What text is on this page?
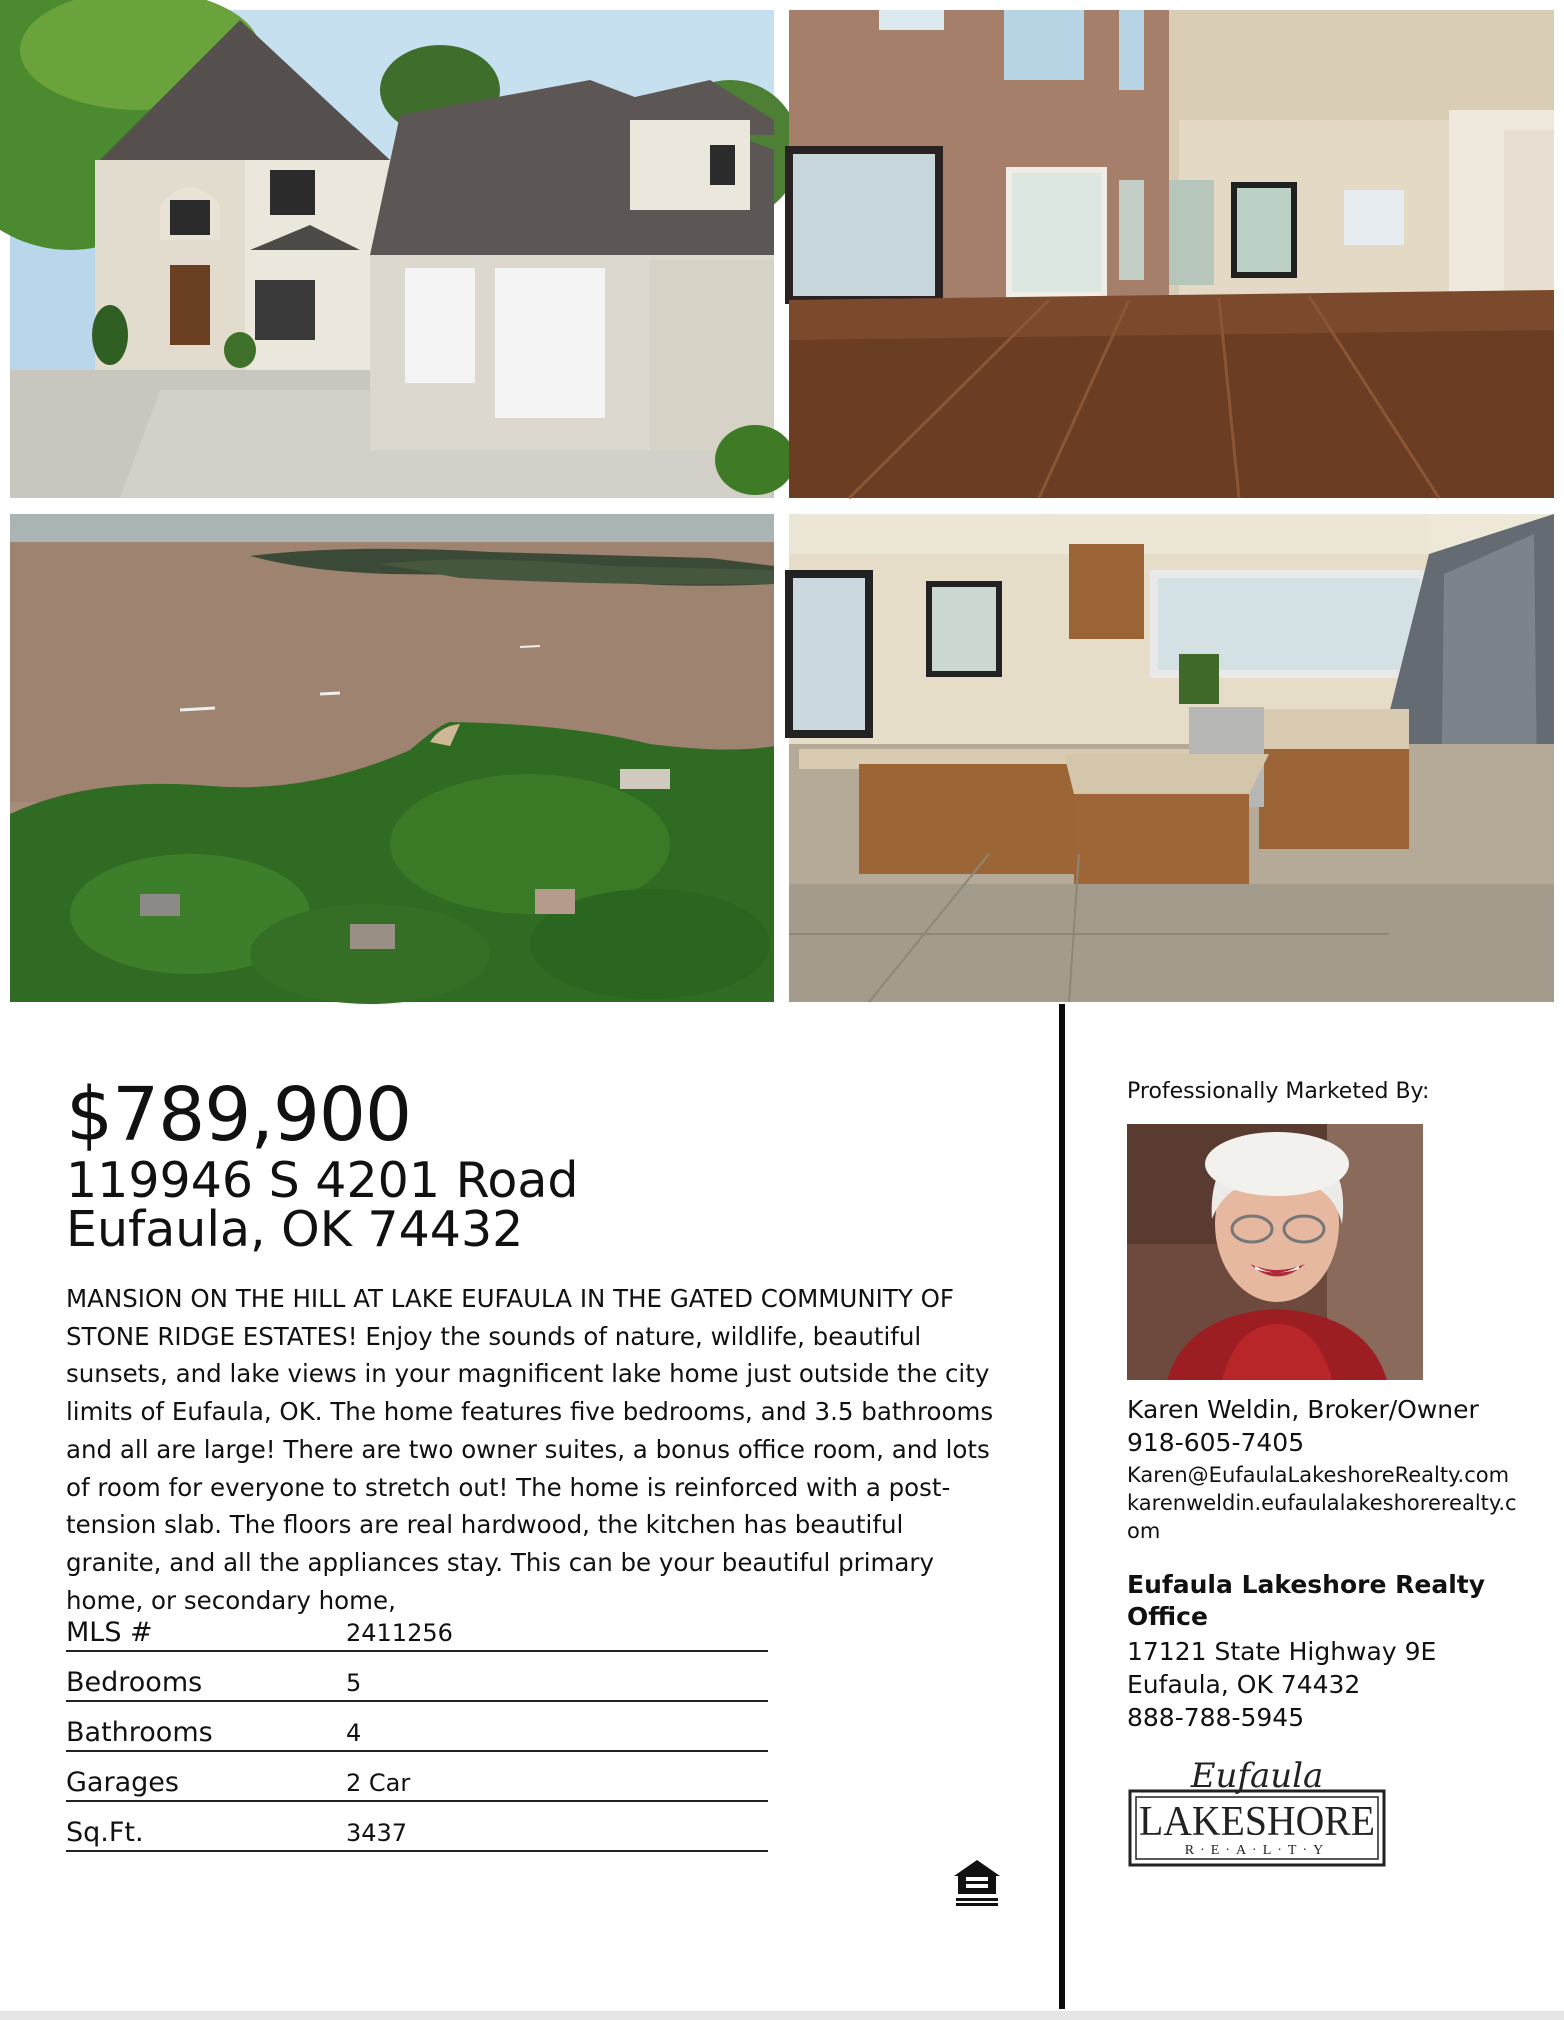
$789,900
119946 S 4201 Road
Eufaula, OK 74432
MANSION ON THE HILL AT LAKE EUFAULA IN THE GATED COMMUNITY OF STONE RIDGE ESTATES! Enjoy the sounds of nature, wildlife, beautiful sunsets, and lake views in your magnificent lake home just outside the city limits of Eufaula, OK. The home features five bedrooms, and 3.5 bathrooms and all are large! There are two owner suites, a bonus office room, and lots of room for everyone to stretch out! The home is reinforced with a post-tension slab. The floors are real hardwood, the kitchen has beautiful granite, and all the appliances stay. This can be your beautiful primary home, or secondary home,
MLS #	2411256
Bedrooms	5
Bathrooms	4
Garages	2 Car
Sq.Ft.	3437
Professionally Marketed By:
Karen Weldin, Broker/Owner
918-605-7405
Karen@EufaulaLakeshoreRealty.com
karenweldin.eufaulalakeshorerealty.com
Eufaula Lakeshore Realty Office
17121 State Highway 9E
Eufaula, OK 74432
888-788-5945
Eufaula
LAKESHORE
R·E·A·L·T·Y
